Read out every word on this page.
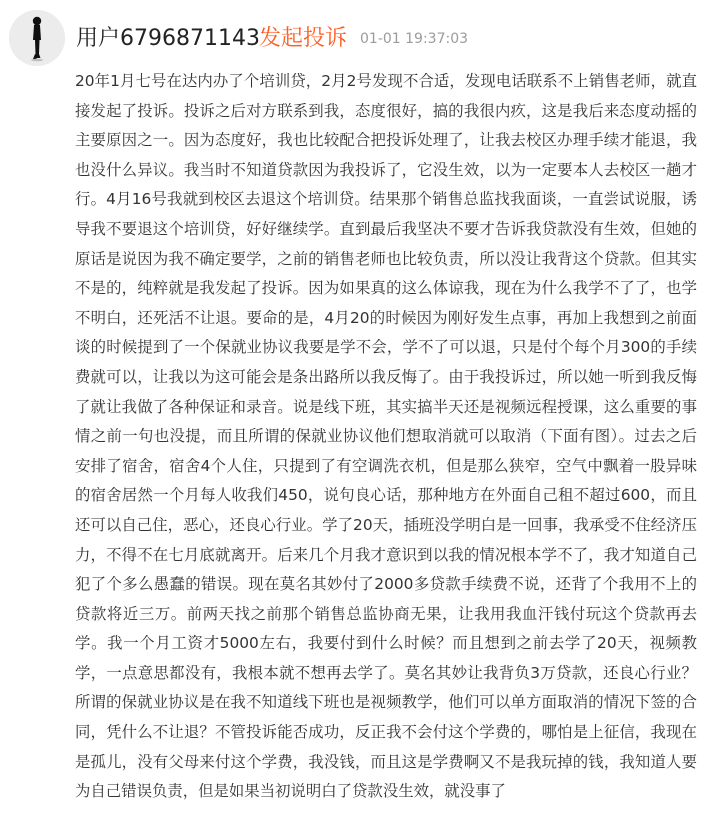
用户6796871143 发起投诉 01-01 19:37:03
20年1月七号在达内办了个培训贷，2月2号发现不合适，发现电话联系不上销售老师，就直接发起了投诉。投诉之后对方联系到我，态度很好，搞的我很内疚，这是我后来态度动摇的主要原因之一。因为态度好，我也比较配合把投诉处理了，让我去校区办理手续才能退，我也没什么异议。我当时不知道贷款因为我投诉了，它没生效，以为一定要本人去校区一趟才行。4月16号我就到校区去退这个培训贷。结果那个销售总监找我面谈，一直尝试说服，诱导我不要退这个培训贷，好好继续学。直到最后我坚决不要才告诉我贷款没有生效，但她的原话是说因为我不确定要学，之前的销售老师也比较负责，所以没让我背这个贷款。但其实不是的，纯粹就是我发起了投诉。因为如果真的这么体谅我，现在为什么我学不了了，也学不明白，还死活不让退。要命的是，4月20的时候因为刚好发生点事，再加上我想到之前面谈的时候提到了一个保就业协议我要是学不会，学不了可以退，只是付个每个月300的手续费就可以，让我以为这可能会是条出路所以我反悔了。由于我投诉过，所以她一听到我反悔了就让我做了各种保证和录音。说是线下班，其实搞半天还是视频远程授课，这么重要的事情之前一句也没提，而且所谓的保就业协议他们想取消就可以取消（下面有图）。过去之后安排了宿舍，宿舍4个人住，只提到了有空调洗衣机，但是那么狭窄，空气中飘着一股异味的宿舍居然一个月每人收我们450，说句良心话，那种地方在外面自己租不超过600，而且还可以自己住，恶心，还良心行业。学了20天，插班没学明白是一回事，我承受不住经济压力，不得不在七月底就离开。后来几个月我才意识到以我的情况根本学不了，我才知道自己犯了个多么愚蠢的错误。现在莫名其妙付了2000多贷款手续费不说，还背了个我用不上的贷款将近三万。前两天找之前那个销售总监协商无果，让我用我血汗钱付玩这个贷款再去学。我一个月工资才5000左右，我要付到什么时候？而且想到之前去学了20天，视频教学，一点意思都没有，我根本就不想再去学了。莫名其妙让我背负3万贷款，还良心行业？所谓的保就业协议是在我不知道线下班也是视频教学，他们可以单方面取消的情况下签的合同，凭什么不让退？不管投诉能否成功，反正我不会付这个学费的，哪怕是上征信，我现在是孤儿，没有父母来付这个学费，我没钱，而且这是学费啊又不是我玩掉的钱，我知道人要为自己错误负责，但是如果当初说明白了贷款没生效，就没事了
